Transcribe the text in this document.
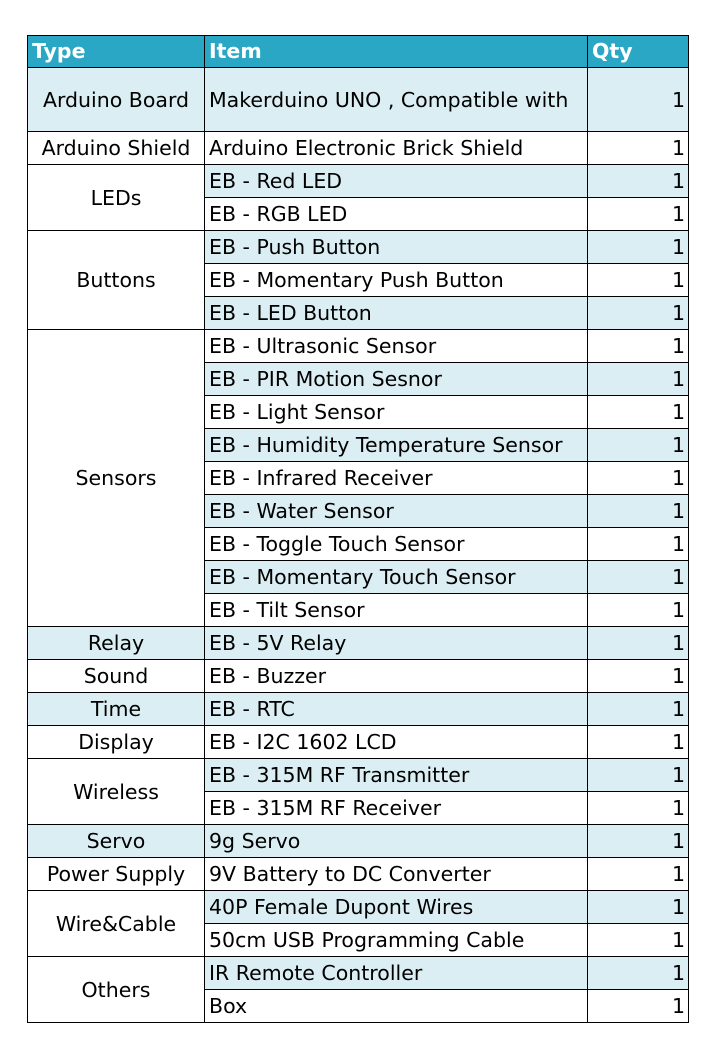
Type	Item	Qty
Arduino Board	Makerduino UNO , Compatible with	1
Arduino Shield	Arduino Electronic Brick Shield	1
LEDs	EB - Red LED	1
	EB - RGB LED	1
Buttons	EB - Push Button	1
	EB - Momentary Push Button	1
	EB - LED Button	1
Sensors	EB - Ultrasonic Sensor	1
	EB - PIR Motion Sesnor	1
	EB - Light Sensor	1
	EB - Humidity Temperature Sensor	1
	EB - Infrared Receiver	1
	EB - Water Sensor	1
	EB - Toggle Touch Sensor	1
	EB - Momentary Touch Sensor	1
	EB - Tilt Sensor	1
Relay	EB - 5V Relay	1
Sound	EB - Buzzer	1
Time	EB - RTC	1
Display	EB - I2C 1602 LCD	1
Wireless	EB - 315M RF Transmitter	1
	EB - 315M RF Receiver	1
Servo	9g Servo	1
Power Supply	9V Battery to DC Converter	1
Wire&Cable	40P Female Dupont Wires	1
	50cm USB Programming Cable	1
Others	IR Remote Controller	1
	Box	1
